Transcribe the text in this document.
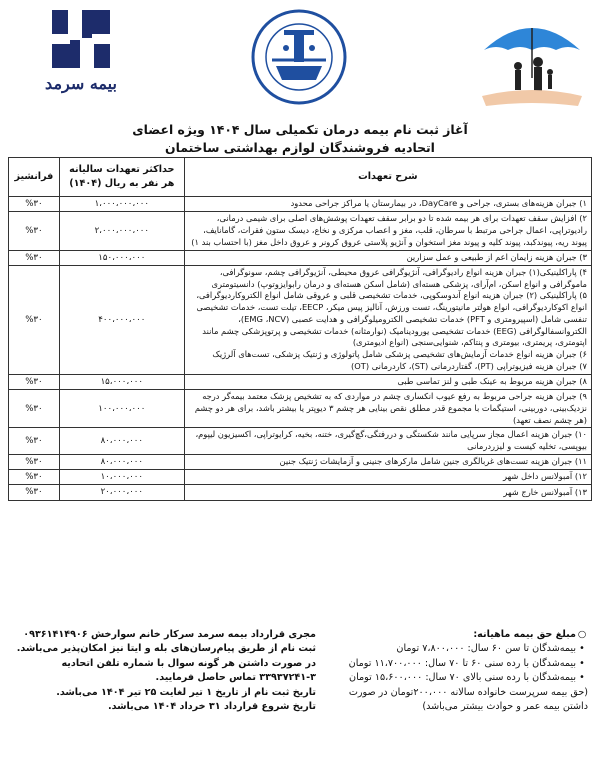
بیمه سرمد
آغاز ثبت نام بیمه درمان تکمیلی سال ۱۴۰۴ ویژه اعضای
اتحادیه فروشندگان لوازم بهداشتی ساختمان
شرح تعهدات	حداکثر تعهدات سالیانه هر نفر به ریال (۱۴۰۴)	فرانشیز
۱) جبران هزینه‌های بستری، جراحی و DayCare، در بیمارستان یا مراکز جراحی محدود	۱،۰۰۰،۰۰۰،۰۰۰	%۳۰
۲) افزایش سقف تعهدات برای هر بیمه شده تا دو برابر سقف تعهدات پوشش‌های اصلی برای شیمی درمانی، رادیوتراپی، اعمال جراحی مرتبط با سرطان، قلب، مغز و اعصاب مرکزی و نخاع، دیسک ستون فقرات، گامانایف، پیوند ریه، پیوندکبد، پیوند کلیه و پیوند مغز استخوان و آنژیو پلاستی عروق کرونر و عروق داخل مغز (با احتساب بند ۱)	۲،۰۰۰،۰۰۰،۰۰۰	%۳۰
۳) جبران هزینه زایمان اعم از طبیعی و عمل سزارین	۱۵۰،۰۰۰،۰۰۰	%۳۰

۴) پاراکلینیکی(۱) جبران هزینه انواع رادیوگرافی، آنژیوگرافی عروق محیطی، آنژیوگرافی چشم، سونوگرافی، ماموگرافی و انواع اسکن، ام‌آر‌ای، پزشکی هسته‌ای (شامل اسکن هسته‌ای و درمان رابوایزوتوپ) دانسیتومتری
۵) پاراکلینیکی (۲) جبران هزینه انواع آندوسکوپی، خدمات تشخیصی قلبی و عروقی شامل انواع الکتروکاردیوگرافی، انواع اکوکاردیوگرافی، انواع هولتر مانیتورینگ، تست ورزش، آنالیز پیس میکر، EECP، تیلت تست، خدمات تشخیصی تنفسی شامل (اسپیرومتری و PFT) خدمات تشخیصی الکترومیلوگرافی و هدایت عصبی (EMG ،NCV)، الکتروانسفالوگرافی (EEG) خدمات تشخیصی یورودینامیک (نوارمثانه) خدمات تشخیصی و پرتوپزشکی چشم مانند اپتومتری، پریمتری، بیومتری و پنتاکم، شنوایی‌سنجی (انواع ادیومتری)
۶) جبران هزینه انواع خدمات آزمایش‌های تشخیصی پزشکی شامل پاتولوژی و ژنتیک پزشکی، تست‌های آلرژیک
۷) جبران هزینه فیزیوتراپی (PT)، گفتاردرمانی (ST)، کاردرمانی (OT)	۴۰۰،۰۰۰،۰۰۰	%۳۰
۸) جبران هزینه مربوط به عینک طبی و لنز تماسی طبی	۱۵،۰۰۰،۰۰۰	%۳۰
۹) جبران هزینه جراحی مربوط به رفع عیوب انکساری چشم در مواردی که به تشخیص پزشک معتمد بیمه‌گر درجه نزدیک‌بینی، دوربینی، استیگمات با مجموع قدر مطلق نقص بینایی هر چشم ۳ دیوپتر یا بیشتر باشد، برای هر دو چشم (هر چشم نصف تعهد)	۱۰۰،۰۰۰،۰۰۰	%۳۰
۱۰) جبران هزینه اعمال مجاز سرپایی مانند شکستگی و دررفتگی،گچ‌گیری، ختنه، بخیه، کرایوتراپی، اکسیزیون لیپوم، بیوپسی، تخلیه کیست و لیزردرمانی	۸۰،۰۰۰،۰۰۰	%۳۰
۱۱) جبران هزینه تست‌های غربالگری جنین شامل مارکرهای جنینی و آزمایشات ژنتیک جنین	۸۰،۰۰۰،۰۰۰	%۳۰
۱۲) آمبولانس داخل شهر	۱۰،۰۰۰،۰۰۰	%۳۰
۱۳) آمبولانس خارج شهر	۲۰،۰۰۰،۰۰۰	%۳۰
○مبلغ حق بیمه ماهیانه:
•بیمه‌شدگان تا سن ۶۰ سال: ۷،۸۰۰،۰۰۰ تومان
•بیمه‌شدگان با رده سنی ۶۰ تا ۷۰ سال: ۱۱،۷۰۰،۰۰۰ تومان
•بیمه‌شدگان با رده سنی بالای ۷۰ سال: ۱۵،۶۰۰،۰۰۰ تومان
(حق بیمه سرپرست خانواده سالانه ۲۰۰،۰۰۰تومان در صورت داشتن بیمه عمر و حوادث بیشتر می‌باشد)
مجری قرارداد بیمه سرمد سرکار خانم سوارخش ۰۹۳۶۱۴۱۴۹۰۶
ثبت نام از طریق پیام‌رسان‌های بله و ایتا نیز امکان‌پذیر می‌باشد. در صورت داشتن هر گونه سوال با شماره تلفن اتحادیه ۳-۳۳۹۳۷۲۴۱ تماس حاصل فرمایید.
تاریخ ثبت نام از تاریخ ۱ تیر لغایت ۲۵ تیر ۱۴۰۴ می‌باشد.
تاریخ شروع قرارداد ۳۱ خرداد ۱۴۰۴ می‌باشد.
